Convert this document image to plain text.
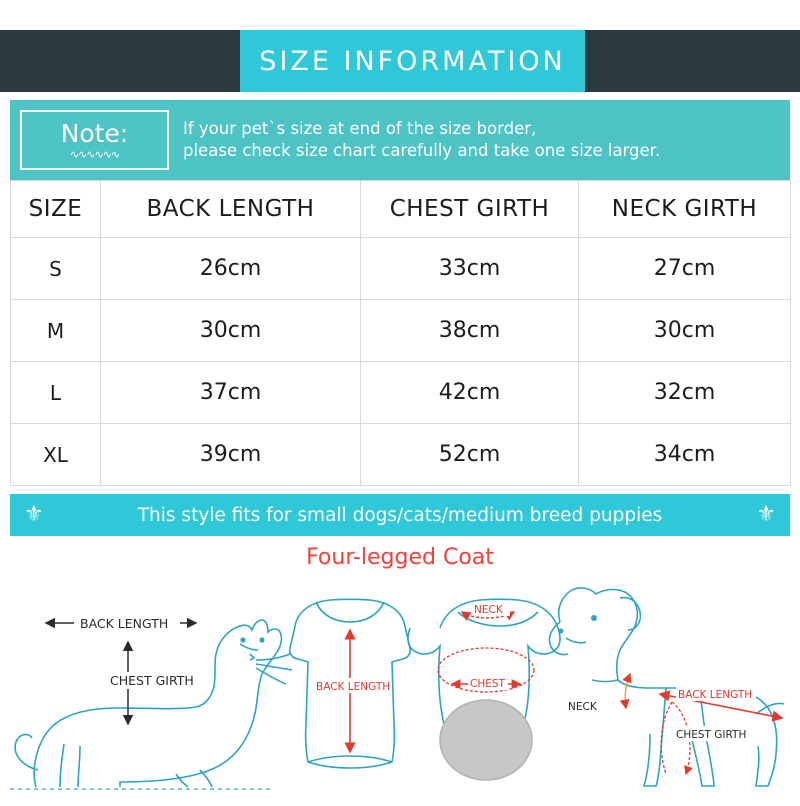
SIZE INFORMATION
Note:
∿∿∿∿∿∿
If your pet`s size at end of the size border,
please check size chart carefully and take one size larger.
SIZE	BACK LENGTH	CHEST GIRTH	NECK GIRTH
S	26cm	33cm	27cm
M	30cm	38cm	30cm
L	37cm	42cm	32cm
XL	39cm	52cm	34cm
⚜	This style fits for small dogs/cats/medium breed puppies	⚜
Four-legged Coat
BACK LENGTH
CHEST GIRTH	BACK LENGTH
NECK
CHEST
BACK LENGTH
NECK
CHEST GIRTH
